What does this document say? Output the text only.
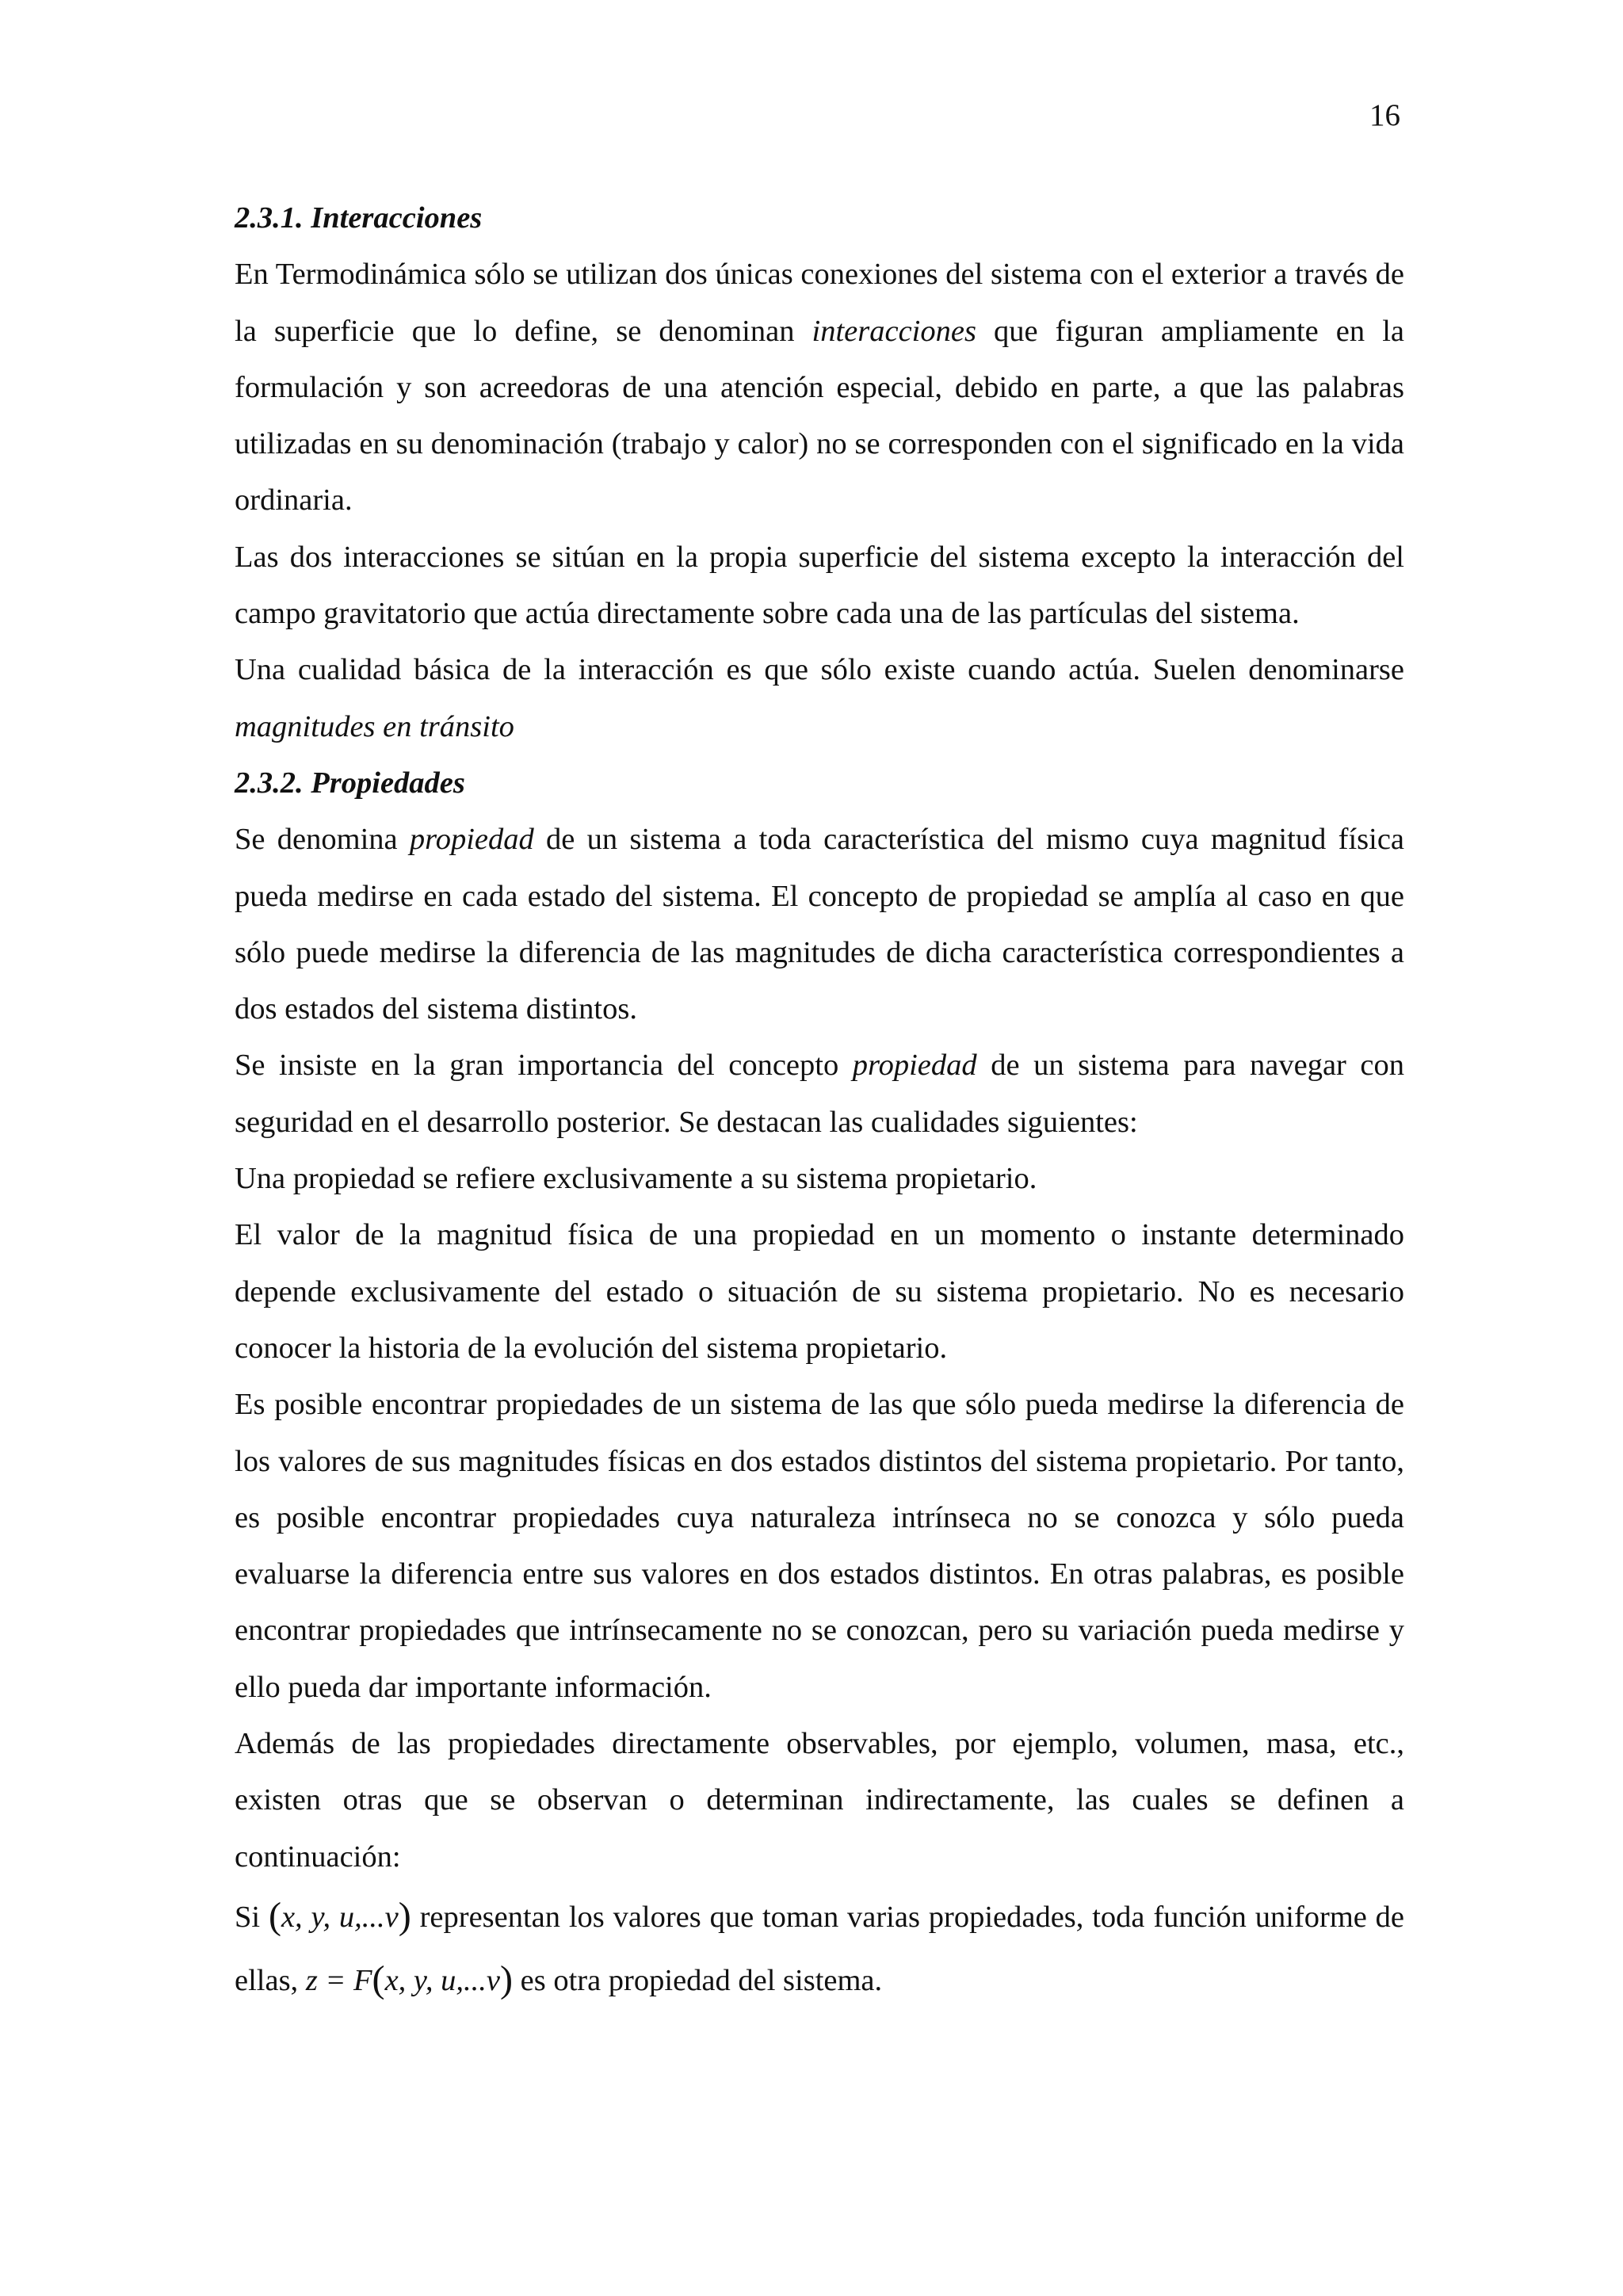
16
2.3.1. Interacciones

En Termodinámica sólo se utilizan dos únicas conexiones del sistema con el exterior a través de la superficie que lo define, se denominan interacciones que figuran ampliamente en la formulación y son acreedoras de una atención especial, debido en parte, a que las palabras utilizadas en su denominación (trabajo y calor) no se corresponden con el significado en la vida ordinaria.

Las dos interacciones se sitúan en la propia superficie del sistema excepto la interacción del campo gravitatorio que actúa directamente sobre cada una de las partículas del sistema.

Una cualidad básica de la interacción es que sólo existe cuando actúa. Suelen denominarse magnitudes en tránsito

2.3.2. Propiedades

Se denomina propiedad de un sistema a toda característica del mismo cuya magnitud física pueda medirse en cada estado del sistema. El concepto de propiedad se amplía al caso en que sólo puede medirse la diferencia de las magnitudes de dicha característica correspondientes a dos estados del sistema distintos.

Se insiste en la gran importancia del concepto propiedad de un sistema para navegar con seguridad en el desarrollo posterior. Se destacan las cualidades siguientes:

Una propiedad se refiere exclusivamente a su sistema propietario.

El valor de la magnitud física de una propiedad en un momento o instante determinado depende exclusivamente del estado o situación de su sistema propietario. No es necesario conocer la historia de la evolución del sistema propietario.

Es posible encontrar propiedades de un sistema de las que sólo pueda medirse la diferencia de los valores de sus magnitudes físicas en dos estados distintos del sistema propietario. Por tanto, es posible encontrar propiedades cuya naturaleza intrínseca no se conozca y sólo pueda evaluarse la diferencia entre sus valores en dos estados distintos. En otras palabras, es posible encontrar propiedades que intrínsecamente no se conozcan, pero su variación pueda medirse y ello pueda dar importante información.

Además de las propiedades directamente observables, por ejemplo, volumen, masa, etc., existen otras que se observan o determinan indirectamente, las cuales se definen a continuación:

Si (x, y, u,...v) representan los valores que toman varias propiedades, toda función uniforme de ellas, z = F(x, y, u,...v) es otra propiedad del sistema.
